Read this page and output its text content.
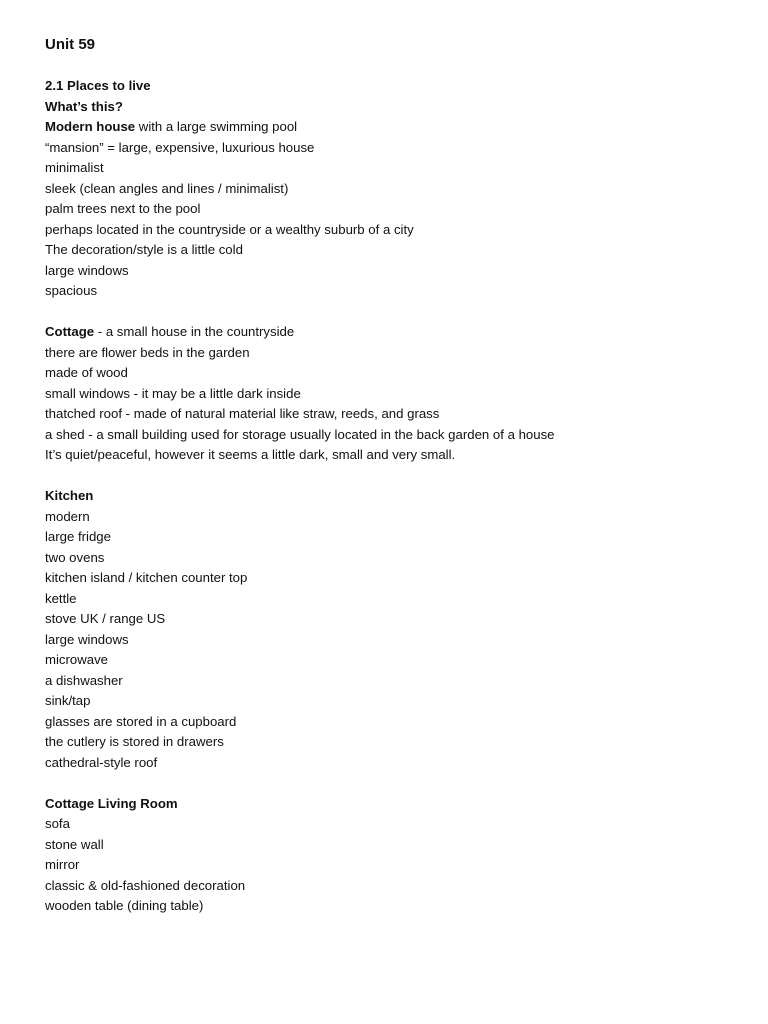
Unit 59
2.1 Places to live
What’s this?
Modern house with a large swimming pool
“mansion” = large, expensive, luxurious house
minimalist
sleek (clean angles and lines / minimalist)
palm trees next to the pool
perhaps located in the countryside or a wealthy suburb of a city
The decoration/style is a little cold
large windows
spacious
Cottage - a small house in the countryside
there are flower beds in the garden
made of wood
small windows - it may be a little dark inside
thatched roof - made of natural material like straw, reeds, and grass
a shed - a small building used for storage usually located in the back garden of a house
It’s quiet/peaceful, however it seems a little dark, small and very small.
Kitchen
modern
large fridge
two ovens
kitchen island / kitchen counter top
kettle
stove UK / range US
large windows
microwave
a dishwasher
sink/tap
glasses are stored in a cupboard
the cutlery is stored in drawers
cathedral-style roof
Cottage Living Room
sofa
stone wall
mirror
classic & old-fashioned decoration
wooden table (dining table)
